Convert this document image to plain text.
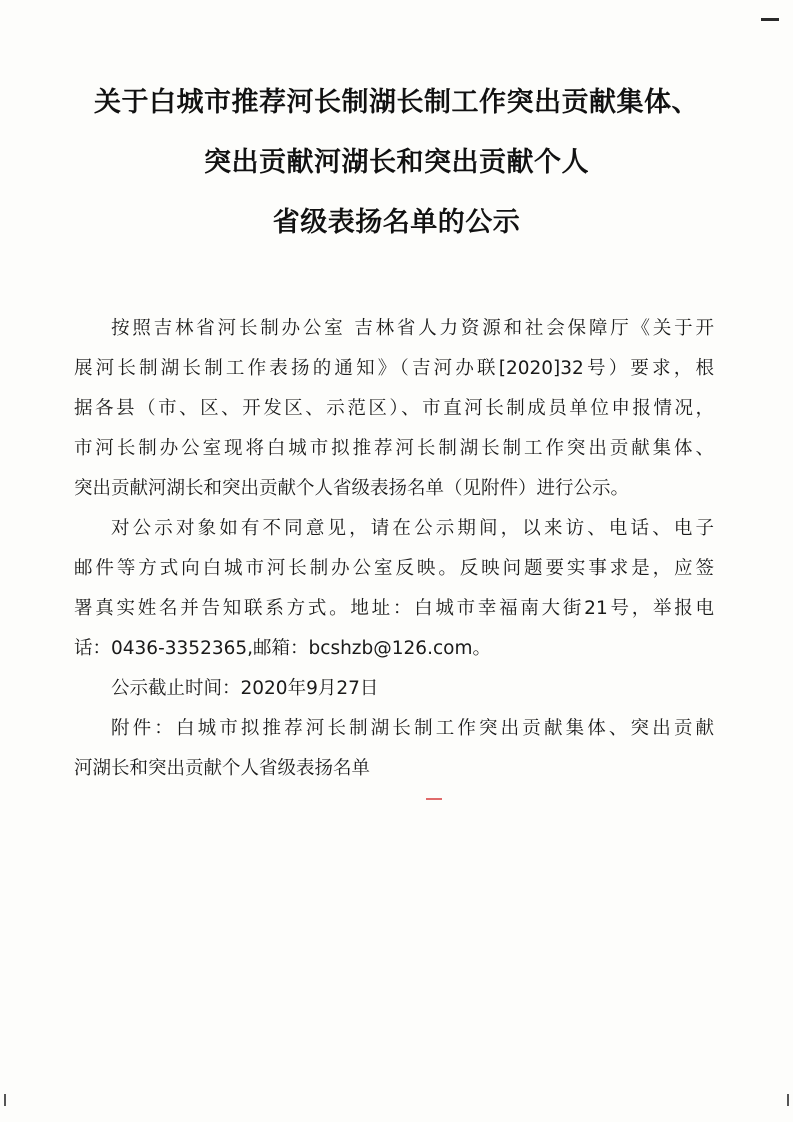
关于白城市推荐河长制湖长制工作突出贡献集体、
突出贡献河湖长和突出贡献个人
省级表扬名单的公示
按照吉林省河长制办公室 吉林省人力资源和社会保障厅《关于开
展河长制湖长制工作表扬的通知》（吉河办联[2020]32号）要求，根
据各县（市、区、开发区、示范区）、市直河长制成员单位申报情况，
市河长制办公室现将白城市拟推荐河长制湖长制工作突出贡献集体、
突出贡献河湖长和突出贡献个人省级表扬名单（见附件）进行公示。
对公示对象如有不同意见，请在公示期间，以来访、电话、电子
邮件等方式向白城市河长制办公室反映。反映问题要实事求是，应签
署真实姓名并告知联系方式。地址：白城市幸福南大街21号，举报电
话：0436-3352365,邮箱：bcshzb@126.com。
公示截止时间：2020年9月27日
附件：白城市拟推荐河长制湖长制工作突出贡献集体、突出贡献
河湖长和突出贡献个人省级表扬名单
